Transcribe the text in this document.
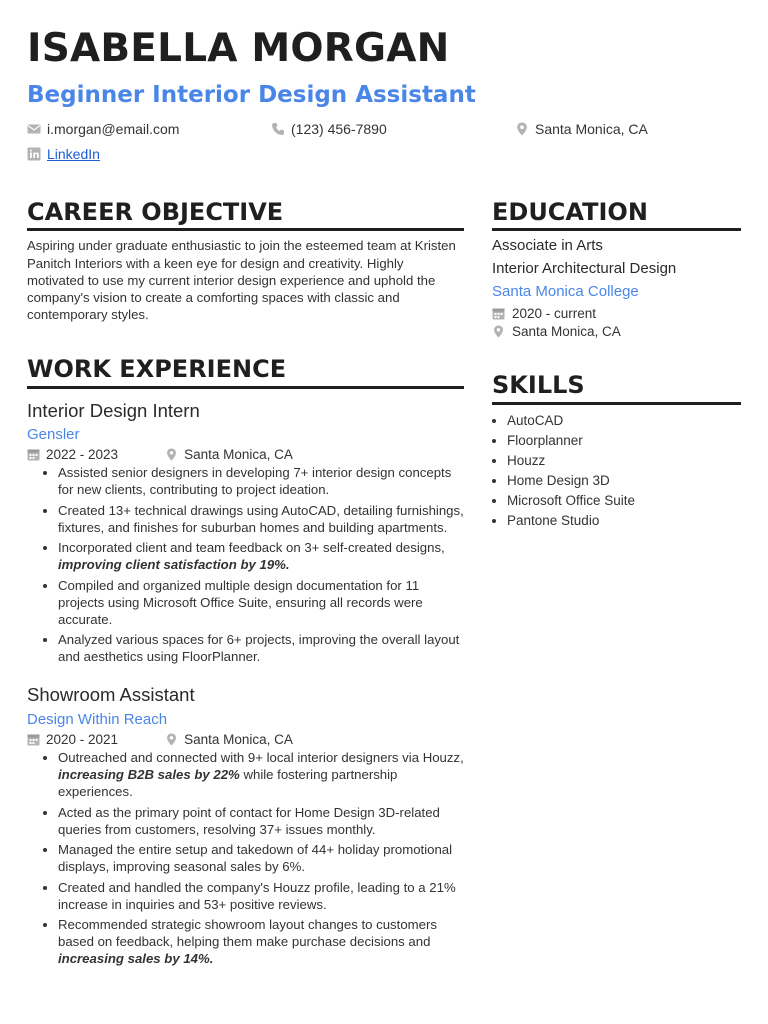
ISABELLA MORGAN
Beginner Interior Design Assistant
i.morgan@email.com	(123) 456-7890	Santa Monica, CA
LinkedIn
CAREER OBJECTIVE
Aspiring under graduate enthusiastic to join the esteemed team at Kristen Panitch Interiors with a keen eye for design and creativity. Highly motivated to use my current interior design experience and uphold the company's vision to create a comforting spaces with classic and contemporary styles.
WORK EXPERIENCE
Interior Design Intern
Gensler
2022 - 2023	Santa Monica, CA
• Assisted senior designers in developing 7+ interior design concepts for new clients, contributing to project ideation.
• Created 13+ technical drawings using AutoCAD, detailing furnishings, fixtures, and finishes for suburban homes and building apartments.
• Incorporated client and team feedback on 3+ self-created designs, improving client satisfaction by 19%.
• Compiled and organized multiple design documentation for 11 projects using Microsoft Office Suite, ensuring all records were accurate.
• Analyzed various spaces for 6+ projects, improving the overall layout and aesthetics using FloorPlanner.
Showroom Assistant
Design Within Reach
2020 - 2021	Santa Monica, CA
• Outreached and connected with 9+ local interior designers via Houzz, increasing B2B sales by 22% while fostering partnership experiences.
• Acted as the primary point of contact for Home Design 3D-related queries from customers, resolving 37+ issues monthly.
• Managed the entire setup and takedown of 44+ holiday promotional displays, improving seasonal sales by 6%.
• Created and handled the company's Houzz profile, leading to a 21% increase in inquiries and 53+ positive reviews.
• Recommended strategic showroom layout changes to customers based on feedback, helping them make purchase decisions and increasing sales by 14%.
EDUCATION
Associate in Arts
Interior Architectural Design
Santa Monica College
2020 - current
Santa Monica, CA
SKILLS
• AutoCAD
• Floorplanner
• Houzz
• Home Design 3D
• Microsoft Office Suite
• Pantone Studio
